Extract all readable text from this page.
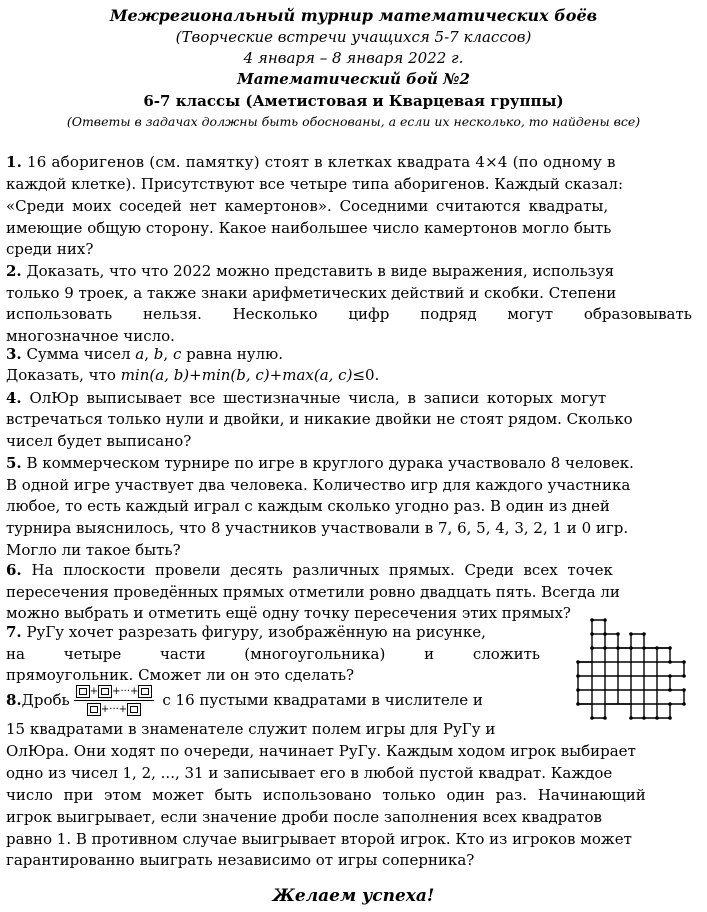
Межрегиональный турнир математических боёв
(Творческие встречи учащихся 5-7 классов)
4 января – 8 января 2022 г.
Математический бой №2
6-7 классы (Аметистовая и Кварцевая группы)
(Ответы в задачах должны быть обоснованы, а если их несколько, то найдены все)
1. 16 аборигенов (см. памятку) стоят в клетках квадрата 4×4 (по одному в
каждой клетке). Присутствуют все четыре типа аборигенов. Каждый сказал:
«Среди моих соседей нет камертонов». Соседними считаются квадраты,
имеющие общую сторону. Какое наибольшее число камертонов могло быть
среди них?
2. Доказать, что что 2022 можно представить в виде выражения, используя
только 9 троек, а также знаки арифметических действий и скобки. Степени
использовать нельзя. Несколько цифр подряд могут образовывать
многозначное число.
3. Сумма чисел a, b, c равна нулю.
Доказать, что min(a, b)+min(b, c)+max(a, c)≤0.
4. ОлЮр выписывает все шестизначные числа, в записи которых могут
встречаться только нули и двойки, и никакие двойки не стоят рядом. Сколько
чисел будет выписано?
5. В коммерческом турнире по игре в круглого дурака участвовало 8 человек.
В одной игре участвует два человека. Количество игр для каждого участника
любое, то есть каждый играл с каждым сколько угодно раз. В один из дней
турнира выяснилось, что 8 участников участвовали в 7, 6, 5, 4, 3, 2, 1 и 0 игр.
Могло ли такое быть?
6. На плоскости провели десять различных прямых. Среди всех точек
пересечения проведённых прямых отметили ровно двадцать пять. Всегда ли
можно выбрать и отметить ещё одну точку пересечения этих прямых?
7. РуГу хочет разрезать фигуру, изображённую на рисунке,
на четыре части (многоугольника) и сложить
прямоугольник. Сможет ли он это сделать?
8. Дробь $\frac{+ +\cdot\cdot\cdot+}{+\cdot\cdot\cdot+}$ с 16 пустыми квадратами в числителе и
15 квадратами в знаменателе служит полем игры для РуГу и
ОлЮра. Они ходят по очереди, начинает РуГу. Каждым ходом игрок выбирает
одно из чисел 1, 2, ..., 31 и записывает его в любой пустой квадрат. Каждое
число при этом может быть использовано только один раз. Начинающий
игрок выигрывает, если значение дроби после заполнения всех квадратов
равно 1. В противном случае выигрывает второй игрок. Кто из игроков может
гарантированно выиграть независимо от игры соперника?
Желаем успеха!
